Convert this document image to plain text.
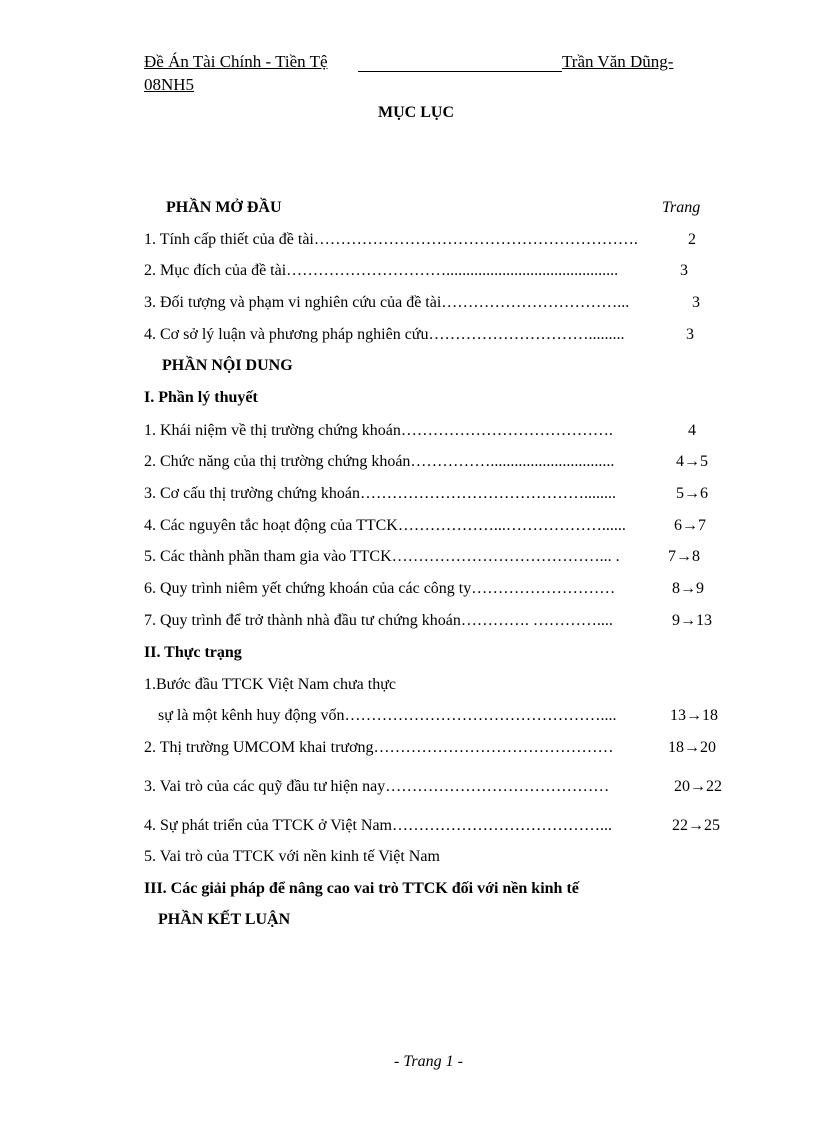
Đề Án Tài Chính - Tiền Tệ	Trần Văn Dũng-
08NH5
MỤC LỤC
PHẦN MỞ ĐẦU	Trang
1. Tính cấp thiết của đề tài…………………………………………………….	2
2. Mục đích của đề tài…………………………...........................................	3
3. Đối tượng và phạm vi nghiên cứu của đề tài……………………………...	3
4. Cơ sở lý luận và phương pháp nghiên cứu………………………….........	3
PHẦN NỘI DUNG
I. Phần lý thuyết
1. Khái niệm về thị trường chứng khoán………………………………….	4
2. Chức năng của thị trường chứng khoán……………...............................	4→5
3. Cơ cấu thị trường chứng khoán……………………………………........	5→6
4. Các nguyên tắc hoạt động của TTCK………………...………………......	6→7
5. Các thành phần tham gia vào TTCK…………………………………... .	7→8
6. Quy trình niêm yết chứng khoán của các công ty………………………	8→9
7. Quy trình để trở thành nhà đầu tư chứng khoán…………. …………....	9→13
II. Thực trạng
1.Bước đầu TTCK Việt Nam chưa thực
sự là một kênh huy động vốn…………………………………………....	13→18
2. Thị trường UMCOM khai trương………………………………………	18→20
3. Vai trò của các quỹ đầu tư hiện nay……………………………………	20→22
4. Sự phát triển của TTCK ở Việt Nam…………………………………...	22→25
5. Vai trò của TTCK với nền kinh tế Việt Nam
III. Các giải pháp để nâng cao vai trò TTCK đối với nền kinh tế
PHẦN KẾT LUẬN
- Trang 1 -
